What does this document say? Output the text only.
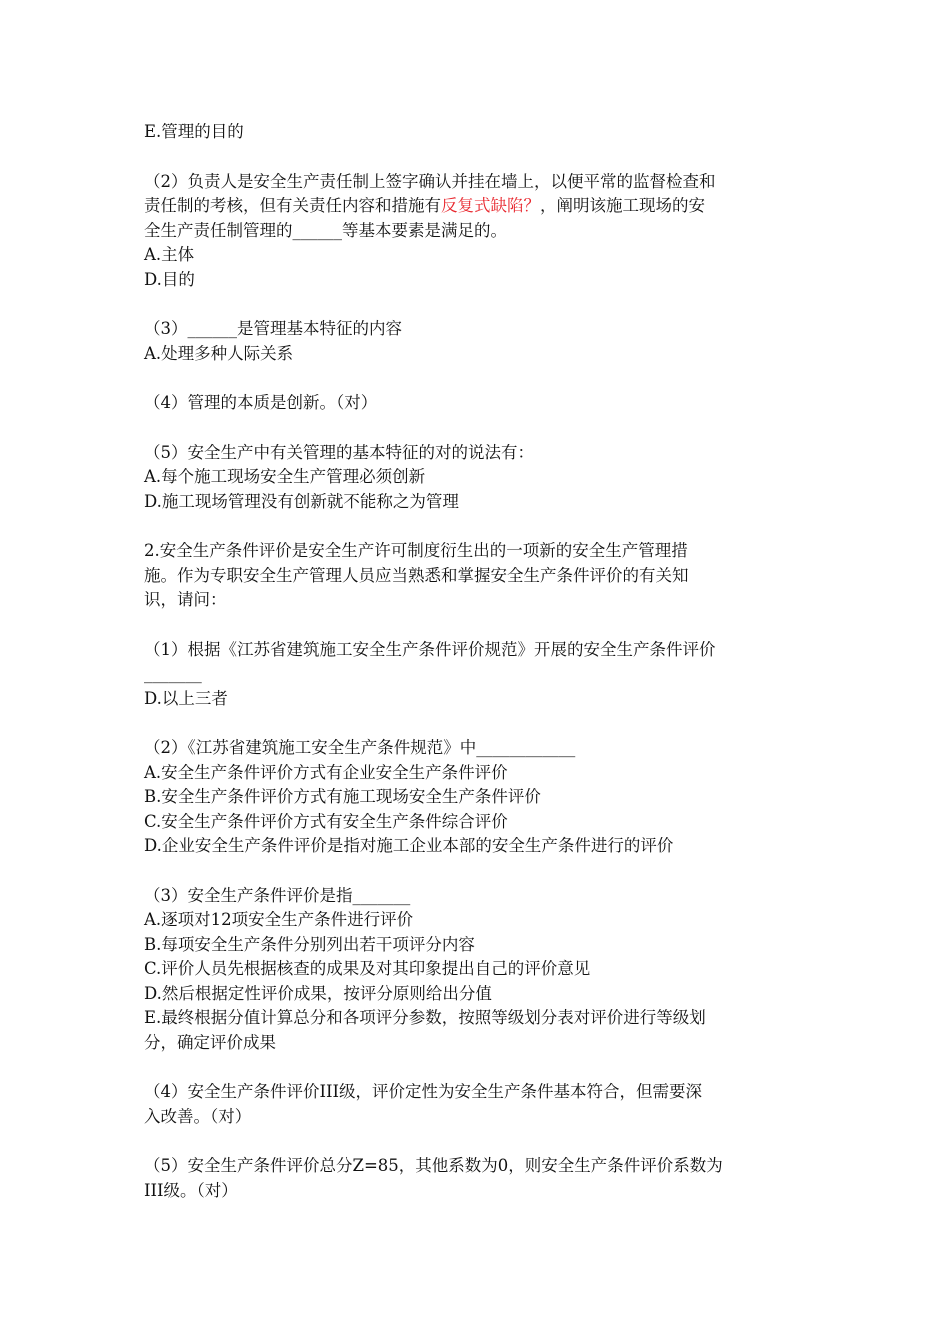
E.管理的目的
（2）负责人是安全生产责任制上签字确认并挂在墙上，以便平常的监督检查和
责任制的考核，但有关责任内容和措施有反复式缺陷？，阐明该施工现场的安
全生产责任制管理的______等基本要素是满足的。
A.主体
D.目的
（3）______是管理基本特征的内容
A.处理多种人际关系
（4）管理的本质是创新。（对）
（5）安全生产中有关管理的基本特征的对的说法有：
A.每个施工现场安全生产管理必须创新
D.施工现场管理没有创新就不能称之为管理
2.安全生产条件评价是安全生产许可制度衍生出的一项新的安全生产管理措
施。作为专职安全生产管理人员应当熟悉和掌握安全生产条件评价的有关知
识，请问：
（1）根据《江苏省建筑施工安全生产条件评价规范》开展的安全生产条件评价
_______
D.以上三者
（2）《江苏省建筑施工安全生产条件规范》中____________
A.安全生产条件评价方式有企业安全生产条件评价
B.安全生产条件评价方式有施工现场安全生产条件评价
C.安全生产条件评价方式有安全生产条件综合评价
D.企业安全生产条件评价是指对施工企业本部的安全生产条件进行的评价
（3）安全生产条件评价是指_______
A.逐项对12项安全生产条件进行评价
B.每项安全生产条件分别列出若干项评分内容
C.评价人员先根据核查的成果及对其印象提出自己的评价意见
D.然后根据定性评价成果，按评分原则给出分值
E.最终根据分值计算总分和各项评分参数，按照等级划分表对评价进行等级划
分，确定评价成果
（4）安全生产条件评价III级，评价定性为安全生产条件基本符合，但需要深
入改善。（对）
（5）安全生产条件评价总分Z=85，其他系数为0，则安全生产条件评价系数为
III级。（对）
